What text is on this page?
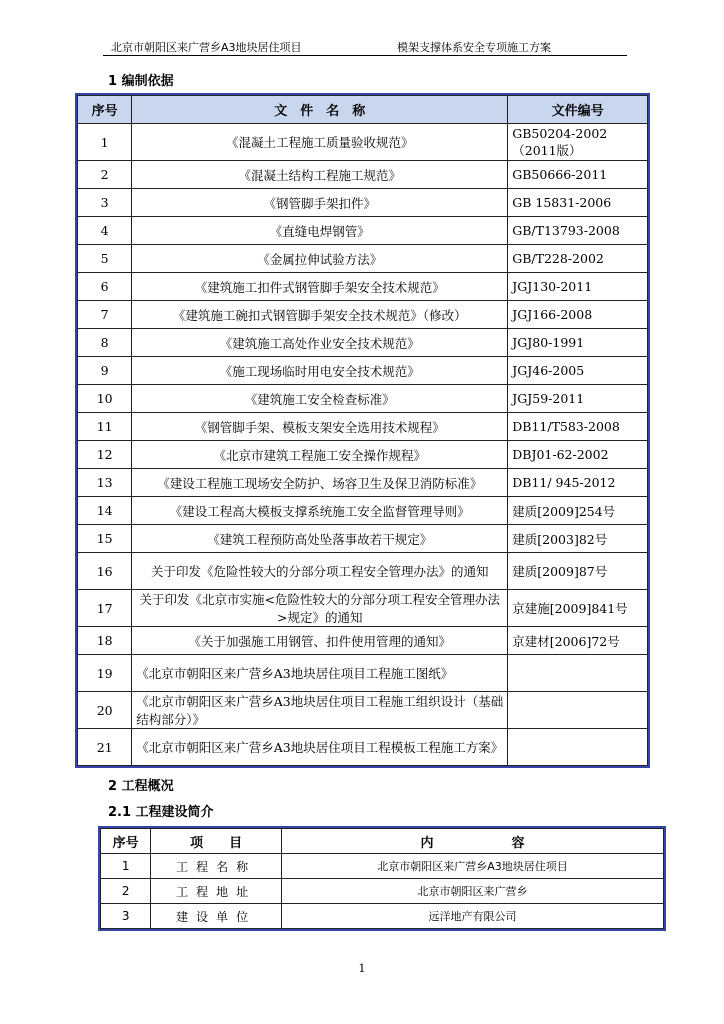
北京市朝阳区来广营乡A3地块居住项目	模架支撑体系安全专项施工方案
1 编制依据
序号	文　件　名　称	文件编号
1	《混凝土工程施工质量验收规范》	GB50204-2002（2011版）
2	《混凝土结构工程施工规范》	GB50666-2011
3	《钢管脚手架扣件》	GB 15831-2006
4	《直缝电焊钢管》	GB/T13793-2008
5	《金属拉伸试验方法》	GB/T228-2002
6	《建筑施工扣件式钢管脚手架安全技术规范》	JGJ130-2011
7	《建筑施工碗扣式钢管脚手架安全技术规范》（修改）	JGJ166-2008
8	《建筑施工高处作业安全技术规范》	JGJ80-1991
9	《施工现场临时用电安全技术规范》	JGJ46-2005
10	《建筑施工安全检查标准》	JGJ59-2011
11	《钢管脚手架、模板支架安全选用技术规程》	DB11/T583-2008
12	《北京市建筑工程施工安全操作规程》	DBJ01-62-2002
13	《建设工程施工现场安全防护、场容卫生及保卫消防标准》	DB11/ 945-2012
14	《建设工程高大模板支撑系统施工安全监督管理导则》	建质[2009]254号
15	《建筑工程预防高处坠落事故若干规定》	建质[2003]82号
16	关于印发《危险性较大的分部分项工程安全管理办法》的通知	建质[2009]87号
17	关于印发《北京市实施<危险性较大的分部分项工程安全管理办法>规定》的通知	京建施[2009]841号
18	《关于加强施工用钢管、扣件使用管理的通知》	京建材[2006]72号
19	《北京市朝阳区来广营乡A3地块居住项目工程施工图纸》	
20	《北京市朝阳区来广营乡A3地块居住项目工程施工组织设计（基础结构部分）》	
21	《北京市朝阳区来广营乡A3地块居住项目工程模板工程施工方案》	
2 工程概况
2.1 工程建设简介
序号	项　　目	内　　　　　　容
1	工程名称	北京市朝阳区来广营乡A3地块居住项目
2	工程地址	北京市朝阳区来广营乡
3	建设单位	远洋地产有限公司
1
